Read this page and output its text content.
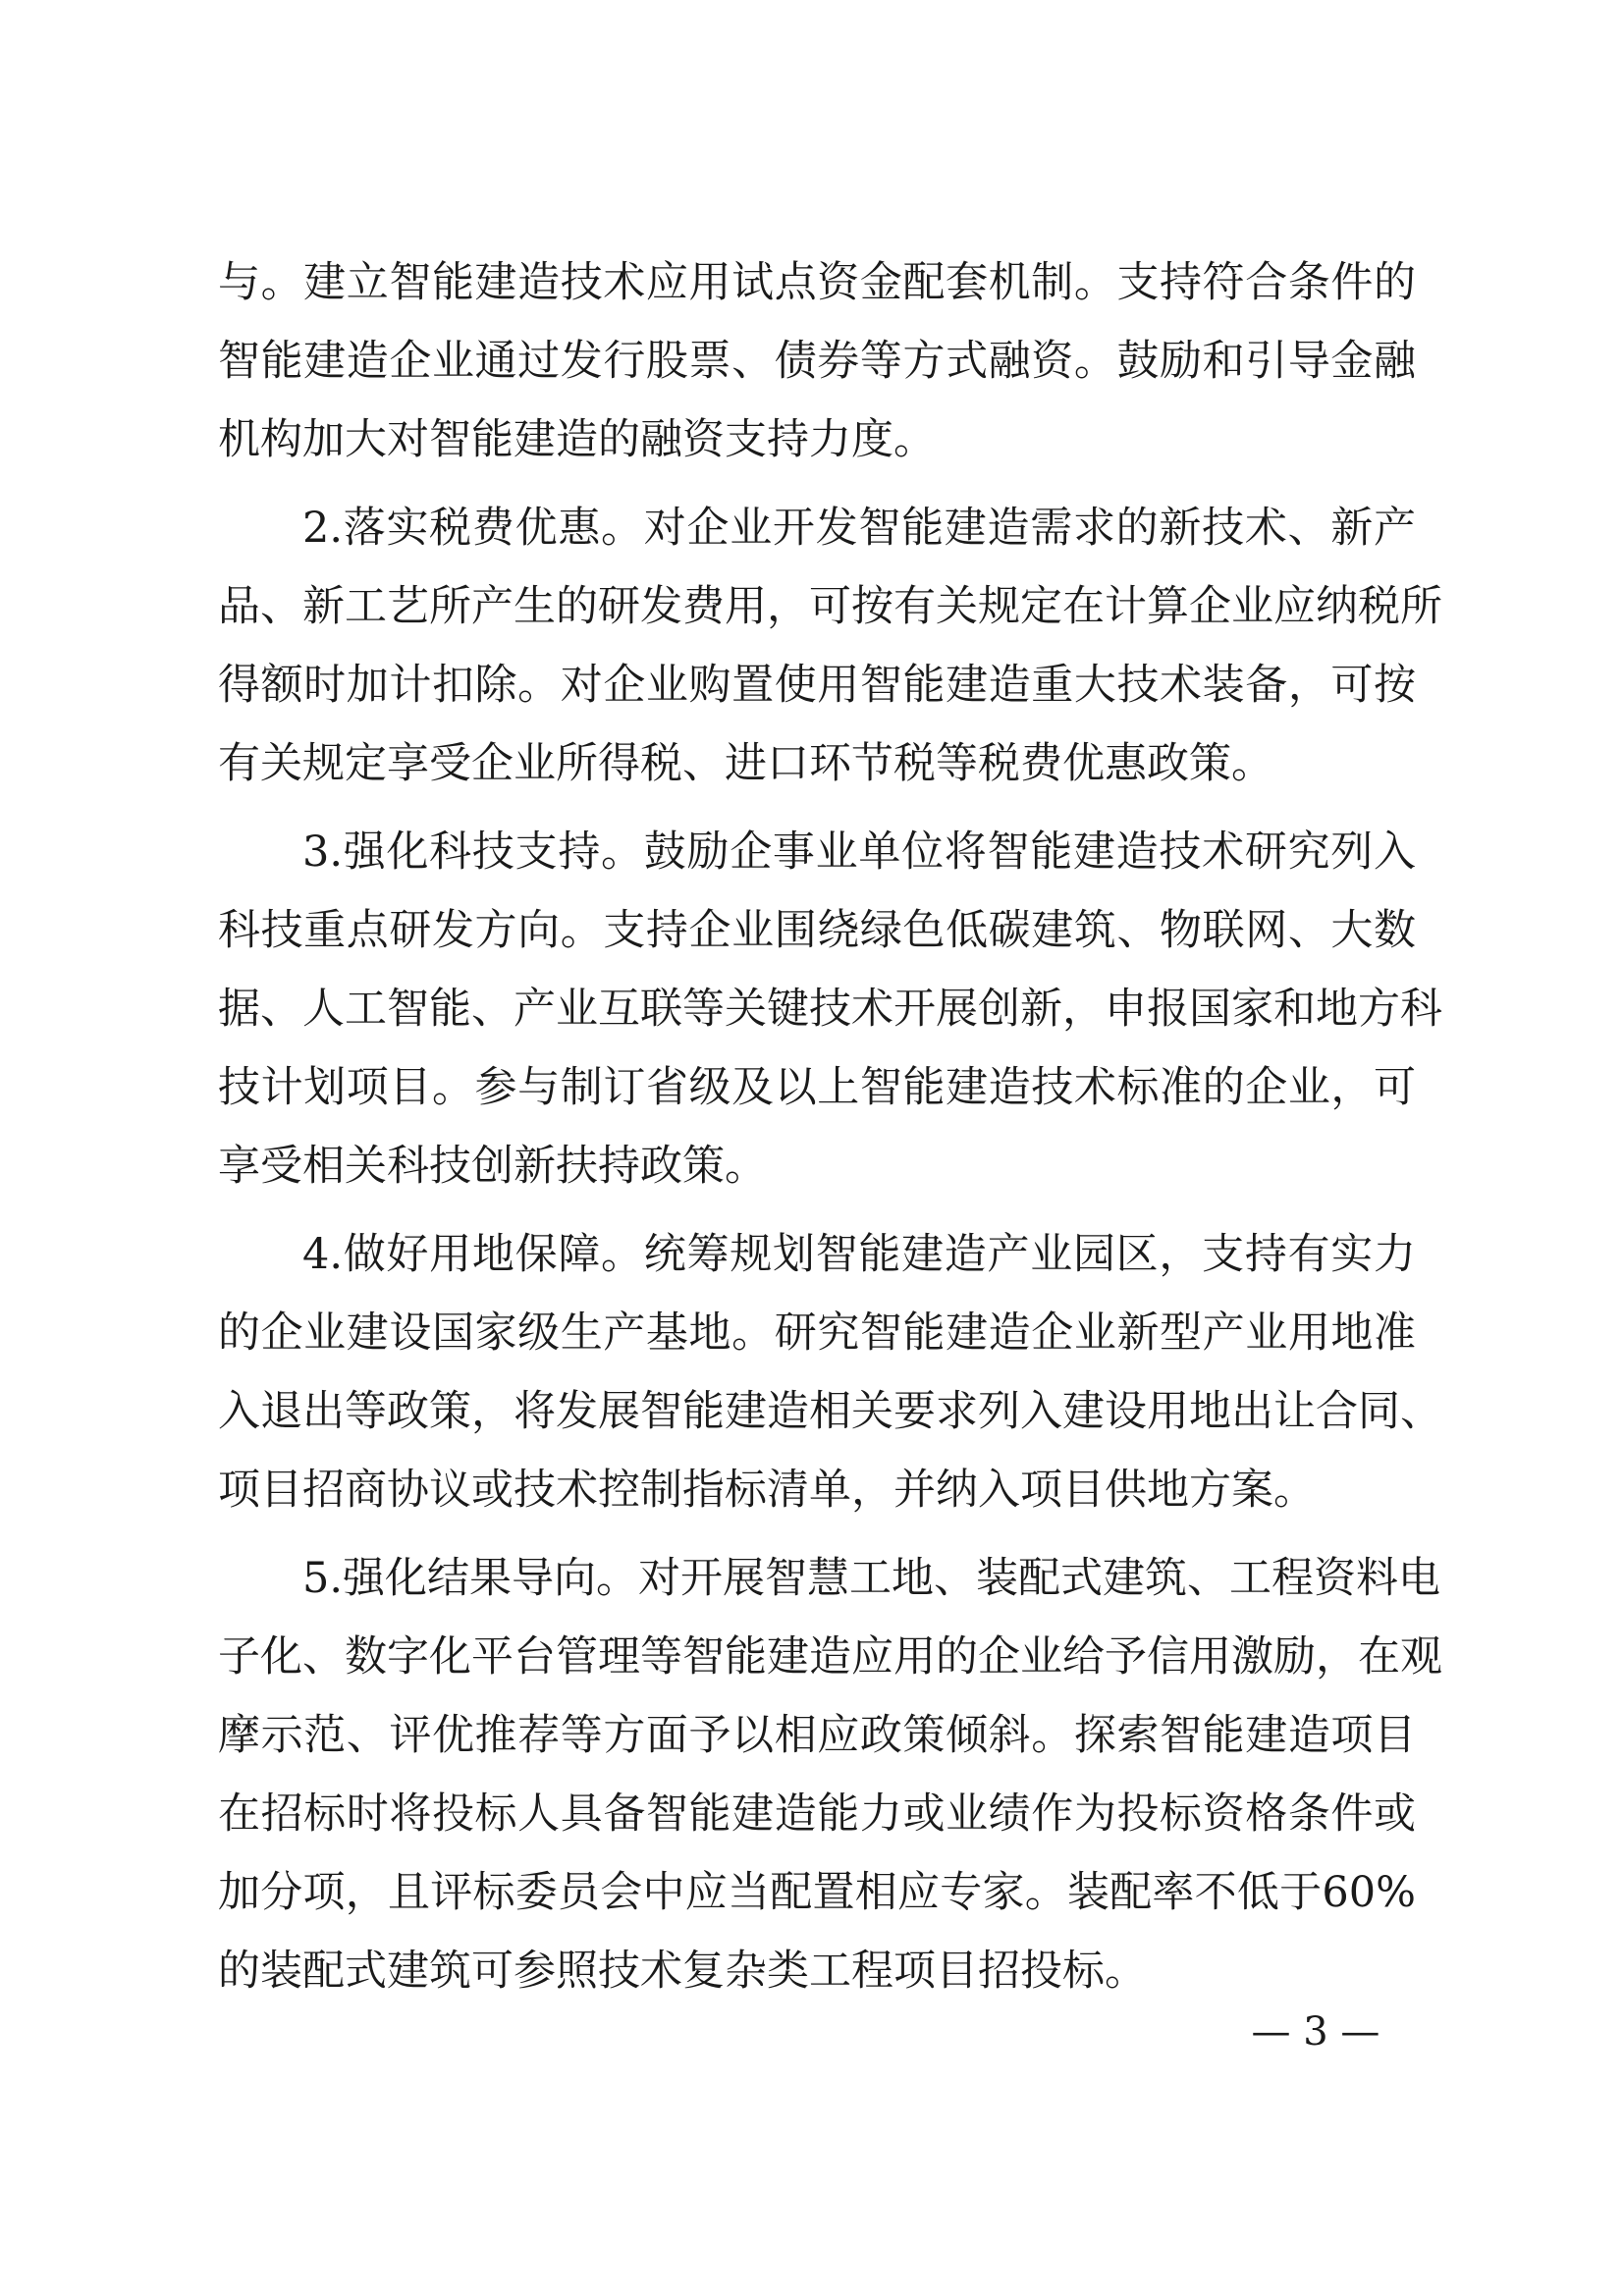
与。建立智能建造技术应用试点资金配套机制。支持符合条件的
智能建造企业通过发行股票、债券等方式融资。鼓励和引导金融
机构加大对智能建造的融资支持力度。
2.落实税费优惠。对企业开发智能建造需求的新技术、新产
品、新工艺所产生的研发费用，可按有关规定在计算企业应纳税所
得额时加计扣除。对企业购置使用智能建造重大技术装备，可按
有关规定享受企业所得税、进口环节税等税费优惠政策。
3.强化科技支持。鼓励企事业单位将智能建造技术研究列入
科技重点研发方向。支持企业围绕绿色低碳建筑、物联网、大数
据、人工智能、产业互联等关键技术开展创新，申报国家和地方科
技计划项目。参与制订省级及以上智能建造技术标准的企业，可
享受相关科技创新扶持政策。
4.做好用地保障。统筹规划智能建造产业园区，支持有实力
的企业建设国家级生产基地。研究智能建造企业新型产业用地准
入退出等政策，将发展智能建造相关要求列入建设用地出让合同、
项目招商协议或技术控制指标清单，并纳入项目供地方案。
5.强化结果导向。对开展智慧工地、装配式建筑、工程资料电
子化、数字化平台管理等智能建造应用的企业给予信用激励，在观
摩示范、评优推荐等方面予以相应政策倾斜。探索智能建造项目
在招标时将投标人具备智能建造能力或业绩作为投标资格条件或
加分项，且评标委员会中应当配置相应专家。装配率不低于60%
的装配式建筑可参照技术复杂类工程项目招投标。
— 3 —
